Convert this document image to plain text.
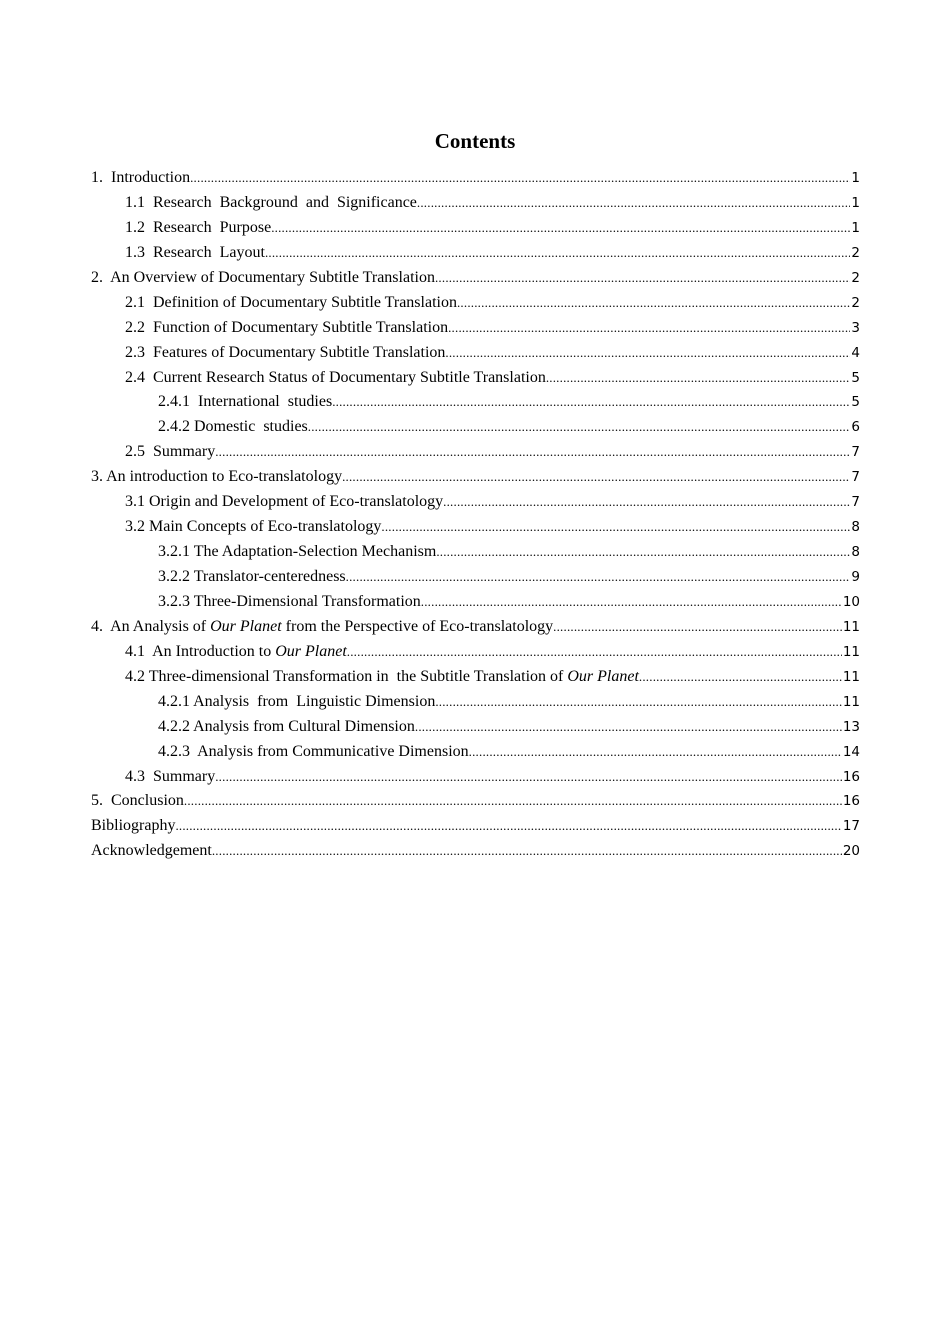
Contents
1.  Introduction .....	1
1.1  Research  Background  and  Significance .....	1
1.2  Research  Purpose .....	1
1.3  Research  Layout .....	2
2.  An Overview of Documentary Subtitle Translation .....	2
2.1  Definition of Documentary Subtitle Translation .....	2
2.2  Function of Documentary Subtitle Translation .....	3
2.3  Features of Documentary Subtitle Translation .....	4
2.4  Current Research Status of Documentary Subtitle Translation .....	5
2.4.1  International  studies .....	5
2.4.2 Domestic  studies .....	6
2.5  Summary .....	7
3. An introduction to Eco-translatology .....	7
3.1 Origin and Development of Eco-translatology .....	7
3.2 Main Concepts of Eco-translatology .....	8
3.2.1 The Adaptation-Selection Mechanism .....	8
3.2.2 Translator-centeredness .....	9
3.2.3 Three-Dimensional Transformation .....	10
4.  An Analysis of Our Planet from the Perspective of Eco-translatology .....	11
4.1  An Introduction to Our Planet .....	11
4.2 Three-dimensional Transformation in  the Subtitle Translation of Our Planet .....	11
4.2.1 Analysis  from  Linguistic Dimension .....	11
4.2.2 Analysis from Cultural Dimension .....	13
4.2.3  Analysis from Communicative Dimension .....	14
4.3  Summary .....	16
5.  Conclusion .....	16
Bibliography .....	17
Acknowledgement .....	20
